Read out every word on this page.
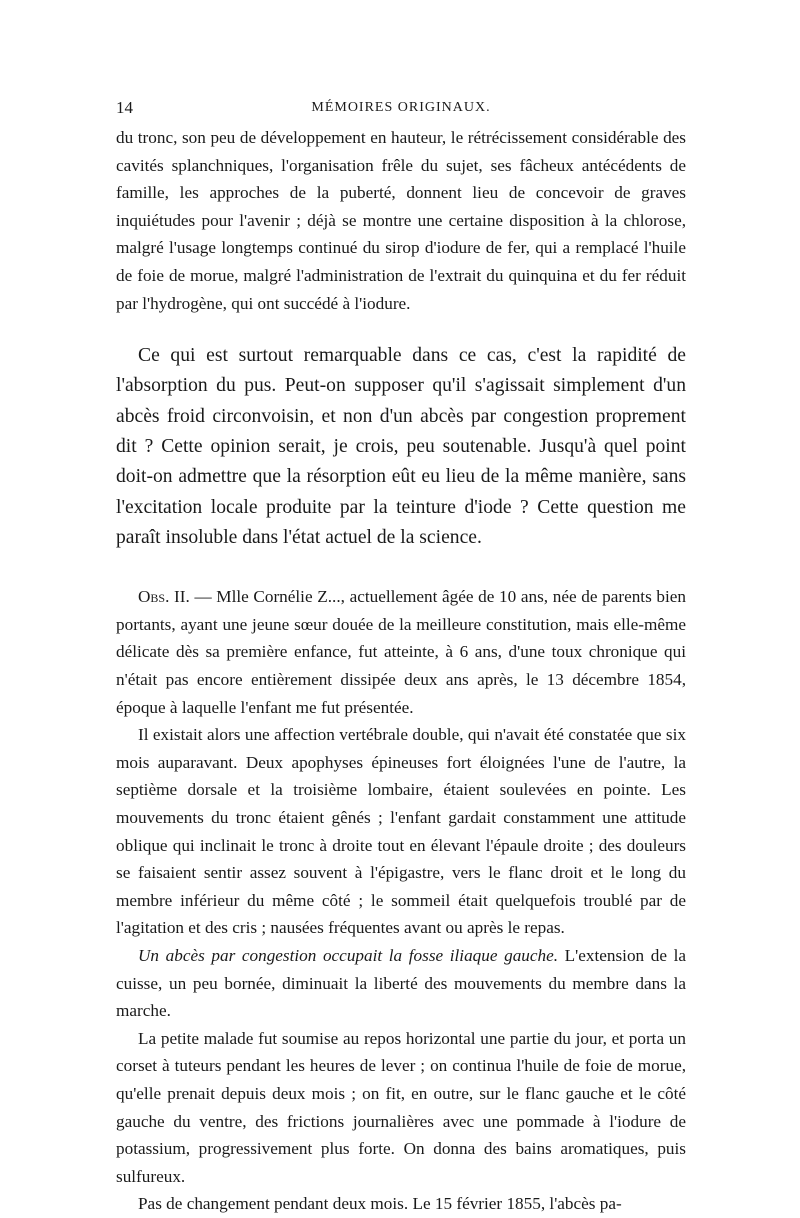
14	MÉMOIRES ORIGINAUX.

du tronc, son peu de développement en hauteur, le rétrécissement considérable des cavités splanchniques, l'organisation frêle du sujet, ses fâcheux antécédents de famille, les approches de la puberté, donnent lieu de concevoir de graves inquiétudes pour l'avenir ; déjà se montre une certaine disposition à la chlorose, malgré l'usage longtemps continué du sirop d'iodure de fer, qui a remplacé l'huile de foie de morue, malgré l'administration de l'extrait du quinquina et du fer réduit par l'hydrogène, qui ont succédé à l'iodure.

Ce qui est surtout remarquable dans ce cas, c'est la rapidité de l'absorption du pus. Peut-on supposer qu'il s'agissait simplement d'un abcès froid circonvoisin, et non d'un abcès par congestion proprement dit ? Cette opinion serait, je crois, peu soutenable. Jusqu'à quel point doit-on admettre que la résorption eût eu lieu de la même manière, sans l'excitation locale produite par la teinture d'iode ? Cette question me paraît insoluble dans l'état actuel de la science.

Obs. II. — Mlle Cornélie Z..., actuellement âgée de 10 ans, née de parents bien portants, ayant une jeune sœur douée de la meilleure constitution, mais elle-même délicate dès sa première enfance, fut atteinte, à 6 ans, d'une toux chronique qui n'était pas encore entièrement dissipée deux ans après, le 13 décembre 1854, époque à laquelle l'enfant me fut présentée.

Il existait alors une affection vertébrale double, qui n'avait été constatée que six mois auparavant. Deux apophyses épineuses fort éloignées l'une de l'autre, la septième dorsale et la troisième lombaire, étaient soulevées en pointe. Les mouvements du tronc étaient gênés ; l'enfant gardait constamment une attitude oblique qui inclinait le tronc à droite tout en élevant l'épaule droite ; des douleurs se faisaient sentir assez souvent à l'épigastre, vers le flanc droit et le long du membre inférieur du même côté ; le sommeil était quelquefois troublé par de l'agitation et des cris ; nausées fréquentes avant ou après le repas.

Un abcès par congestion occupait la fosse iliaque gauche. L'extension de la cuisse, un peu bornée, diminuait la liberté des mouvements du membre dans la marche.

La petite malade fut soumise au repos horizontal une partie du jour, et porta un corset à tuteurs pendant les heures de lever ; on continua l'huile de foie de morue, qu'elle prenait depuis deux mois ; on fit, en outre, sur le flanc gauche et le côté gauche du ventre, des frictions journalières avec une pommade à l'iodure de potassium, progressivement plus forte. On donna des bains aromatiques, puis sulfureux.

Pas de changement pendant deux mois. Le 15 février 1855, l'abcès pa-
